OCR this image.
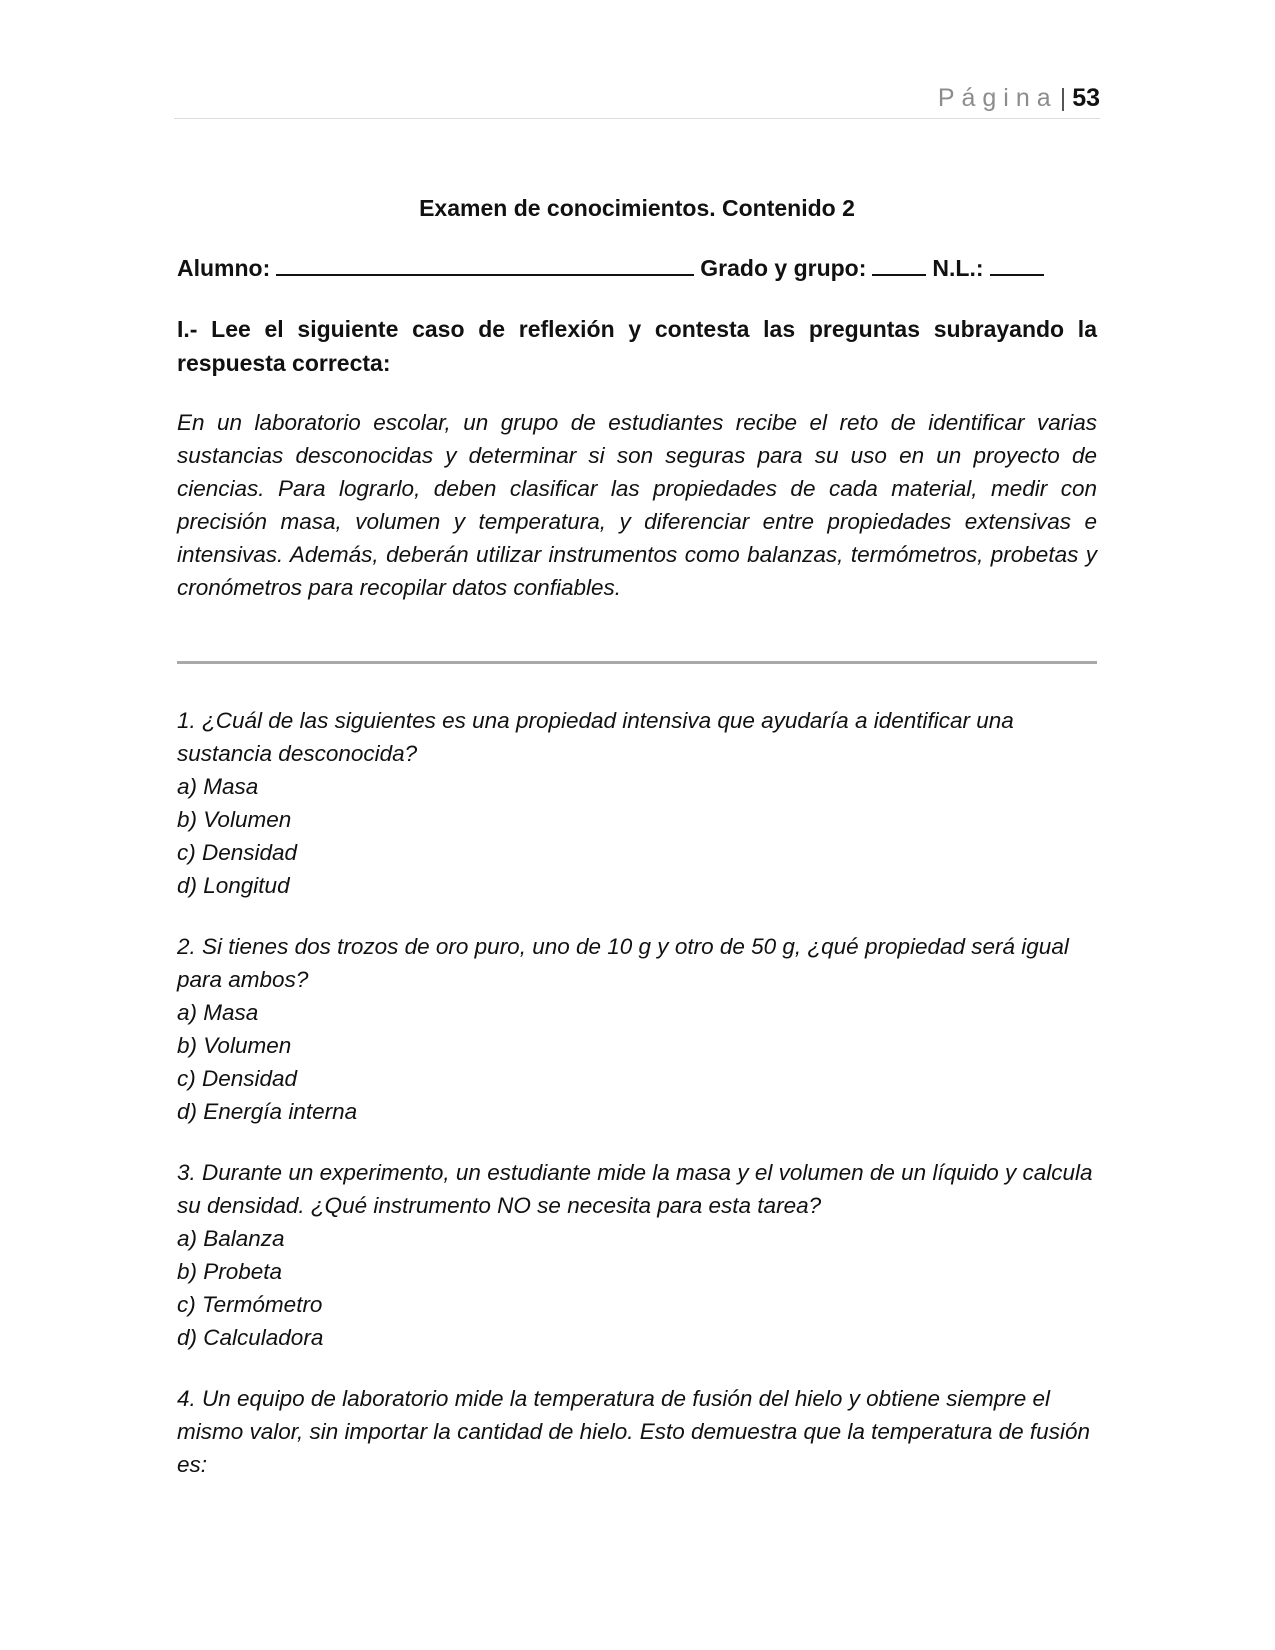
Página| 53
Examen de conocimientos. Contenido 2
Alumno:	Grado y grupo:	N.L.:

I.- Lee el siguiente caso de reflexión y contesta las preguntas subrayando la respuesta correcta:

En un laboratorio escolar, un grupo de estudiantes recibe el reto de identificar varias sustancias desconocidas y determinar si son seguras para su uso en un proyecto de ciencias. Para lograrlo, deben clasificar las propiedades de cada material, medir con precisión masa, volumen y temperatura, y diferenciar entre propiedades extensivas e intensivas. Además, deberán utilizar instrumentos como balanzas, termómetros, probetas y cronómetros para recopilar datos confiables.

1. ¿Cuál de las siguientes es una propiedad intensiva que ayudaría a identificar una sustancia desconocida?

a) Masa
b) Volumen
c) Densidad
d) Longitud

2. Si tienes dos trozos de oro puro, uno de 10 g y otro de 50 g, ¿qué propiedad será igual para ambos?

a) Masa
b) Volumen
c) Densidad
d) Energía interna

3. Durante un experimento, un estudiante mide la masa y el volumen de un líquido y calcula su densidad. ¿Qué instrumento NO se necesita para esta tarea?

a) Balanza
b) Probeta
c) Termómetro
d) Calculadora

4. Un equipo de laboratorio mide la temperatura de fusión del hielo y obtiene siempre el mismo valor, sin importar la cantidad de hielo. Esto demuestra que la temperatura de fusión es:
